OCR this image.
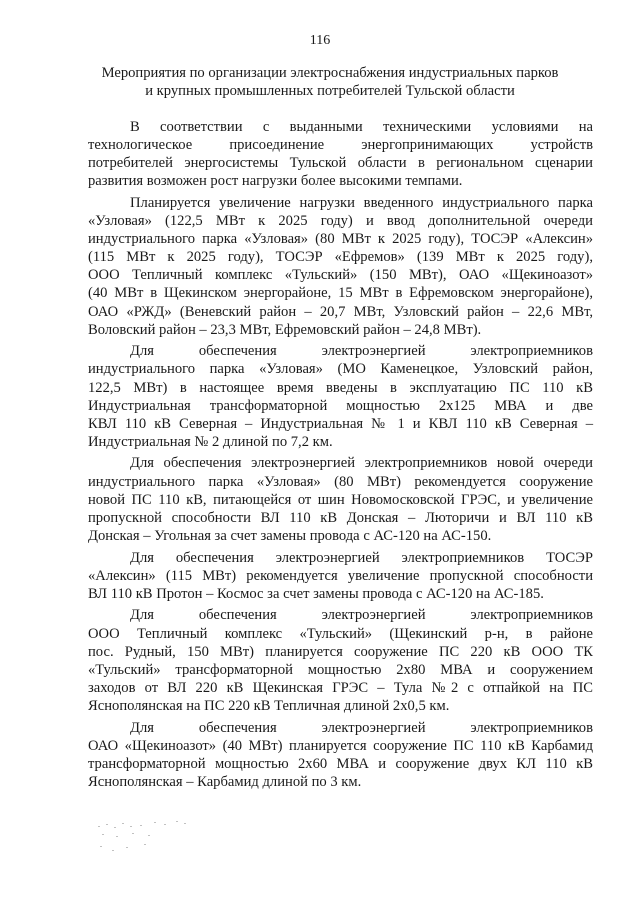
116
Мероприятия по организации электроснабжения индустриальных парков
и крупных промышленных потребителей Тульской области
В соответствии с выданными техническими условиями на
технологическое присоединение энергопринимающих устройств
потребителей энергосистемы Тульской области в региональном сценарии
развития возможен рост нагрузки более высокими темпами.
Планируется увеличение нагрузки введенного индустриального парка
«Узловая» (122,5 МВт к 2025 году) и ввод дополнительной очереди
индустриального парка «Узловая» (80 МВт к 2025 году), ТОСЭР «Алексин»
(115 МВт к 2025 году), ТОСЭР «Ефремов» (139 МВт к 2025 году),
ООО Тепличный комплекс «Тульский» (150 МВт), ОАО «Щекиноазот»
(40 МВт в Щекинском энергорайоне, 15 МВт в Ефремовском энергорайоне),
ОАО «РЖД» (Веневский район – 20,7 МВт, Узловский район – 22,6 МВт,
Воловский район – 23,3 МВт, Ефремовский район – 24,8 МВт).
Для обеспечения электроэнергией электроприемников
индустриального парка «Узловая» (МО Каменецкое, Узловский район,
122,5 МВт) в настоящее время введены в эксплуатацию ПС 110 кВ
Индустриальная трансформаторной мощностью 2х125 МВА и две
КВЛ 110 кВ Северная – Индустриальная № 1 и КВЛ 110 кВ Северная –
Индустриальная № 2 длиной по 7,2 км.
Для обеспечения электроэнергией электроприемников новой очереди
индустриального парка «Узловая» (80 МВт) рекомендуется сооружение
новой ПС 110 кВ, питающейся от шин Новомосковской ГРЭС, и увеличение
пропускной способности ВЛ 110 кВ Донская – Люторичи и ВЛ 110 кВ
Донская – Угольная за счет замены провода с АС-120 на АС-150.
Для обеспечения электроэнергией электроприемников ТОСЭР
«Алексин» (115 МВт) рекомендуется увеличение пропускной способности
ВЛ 110 кВ Протон – Космос за счет замены провода с АС-120 на АС-185.
Для обеспечения электроэнергией электроприемников
ООО Тепличный комплекс «Тульский» (Щекинский р-н, в районе
пос. Рудный, 150 МВт) планируется сооружение ПС 220 кВ ООО ТК
«Тульский» трансформаторной мощностью 2х80 МВА и сооружением
заходов от ВЛ 220 кВ Щекинская ГРЭС – Тула №2 с отпайкой на ПС
Яснополянская на ПС 220 кВ Тепличная длиной 2х0,5 км.
Для обеспечения электроэнергией электроприемников
ОАО «Щекиноазот» (40 МВт) планируется сооружение ПС 110 кВ Карбамид
трансформаторной мощностью 2х60 МВА и сооружение двух КЛ 110 кВ
Яснополянская – Карбамид длиной по 3 км.
